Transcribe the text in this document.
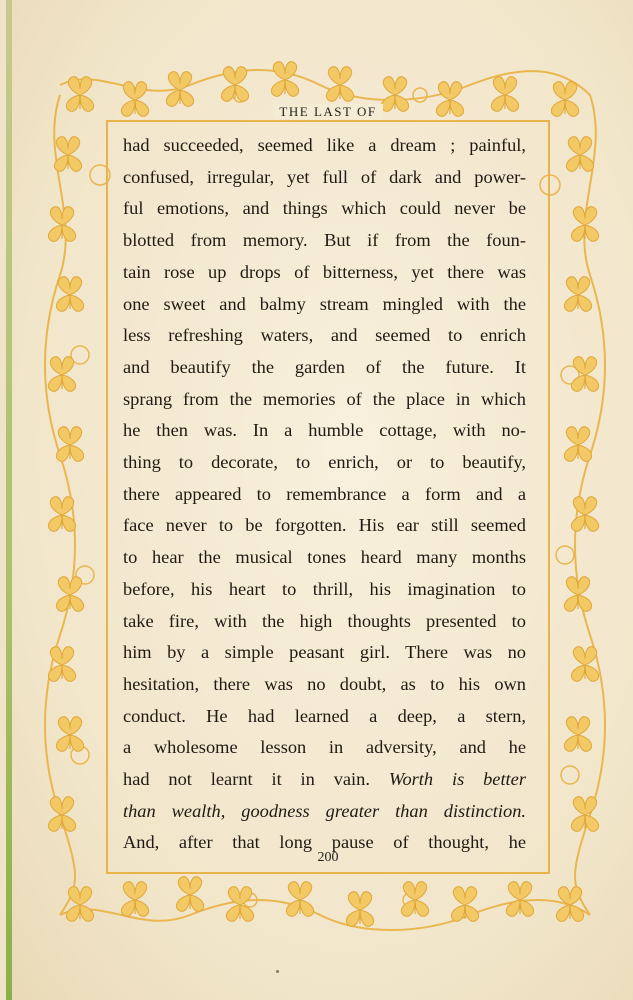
THE LAST OF
had succeeded, seemed like a dream ; painful,
confused, irregular, yet full of dark and power-
ful emotions, and things which could never be
blotted from memory. But if from the foun-
tain rose up drops of bitterness, yet there was
one sweet and balmy stream mingled with the
less refreshing waters, and seemed to enrich
and beautify the garden of the future. It
sprang from the memories of the place in which
he then was. In a humble cottage, with no-
thing to decorate, to enrich, or to beautify,
there appeared to remembrance a form and a
face never to be forgotten. His ear still seemed
to hear the musical tones heard many months
before, his heart to thrill, his imagination to
take fire, with the high thoughts presented to
him by a simple peasant girl. There was no
hesitation, there was no doubt, as to his own
conduct. He had learned a deep, a stern,
a wholesome lesson in adversity, and he
had not learnt it in vain. Worth is better
than wealth, goodness greater than distinction.
And, after that long pause of thought, he
200
